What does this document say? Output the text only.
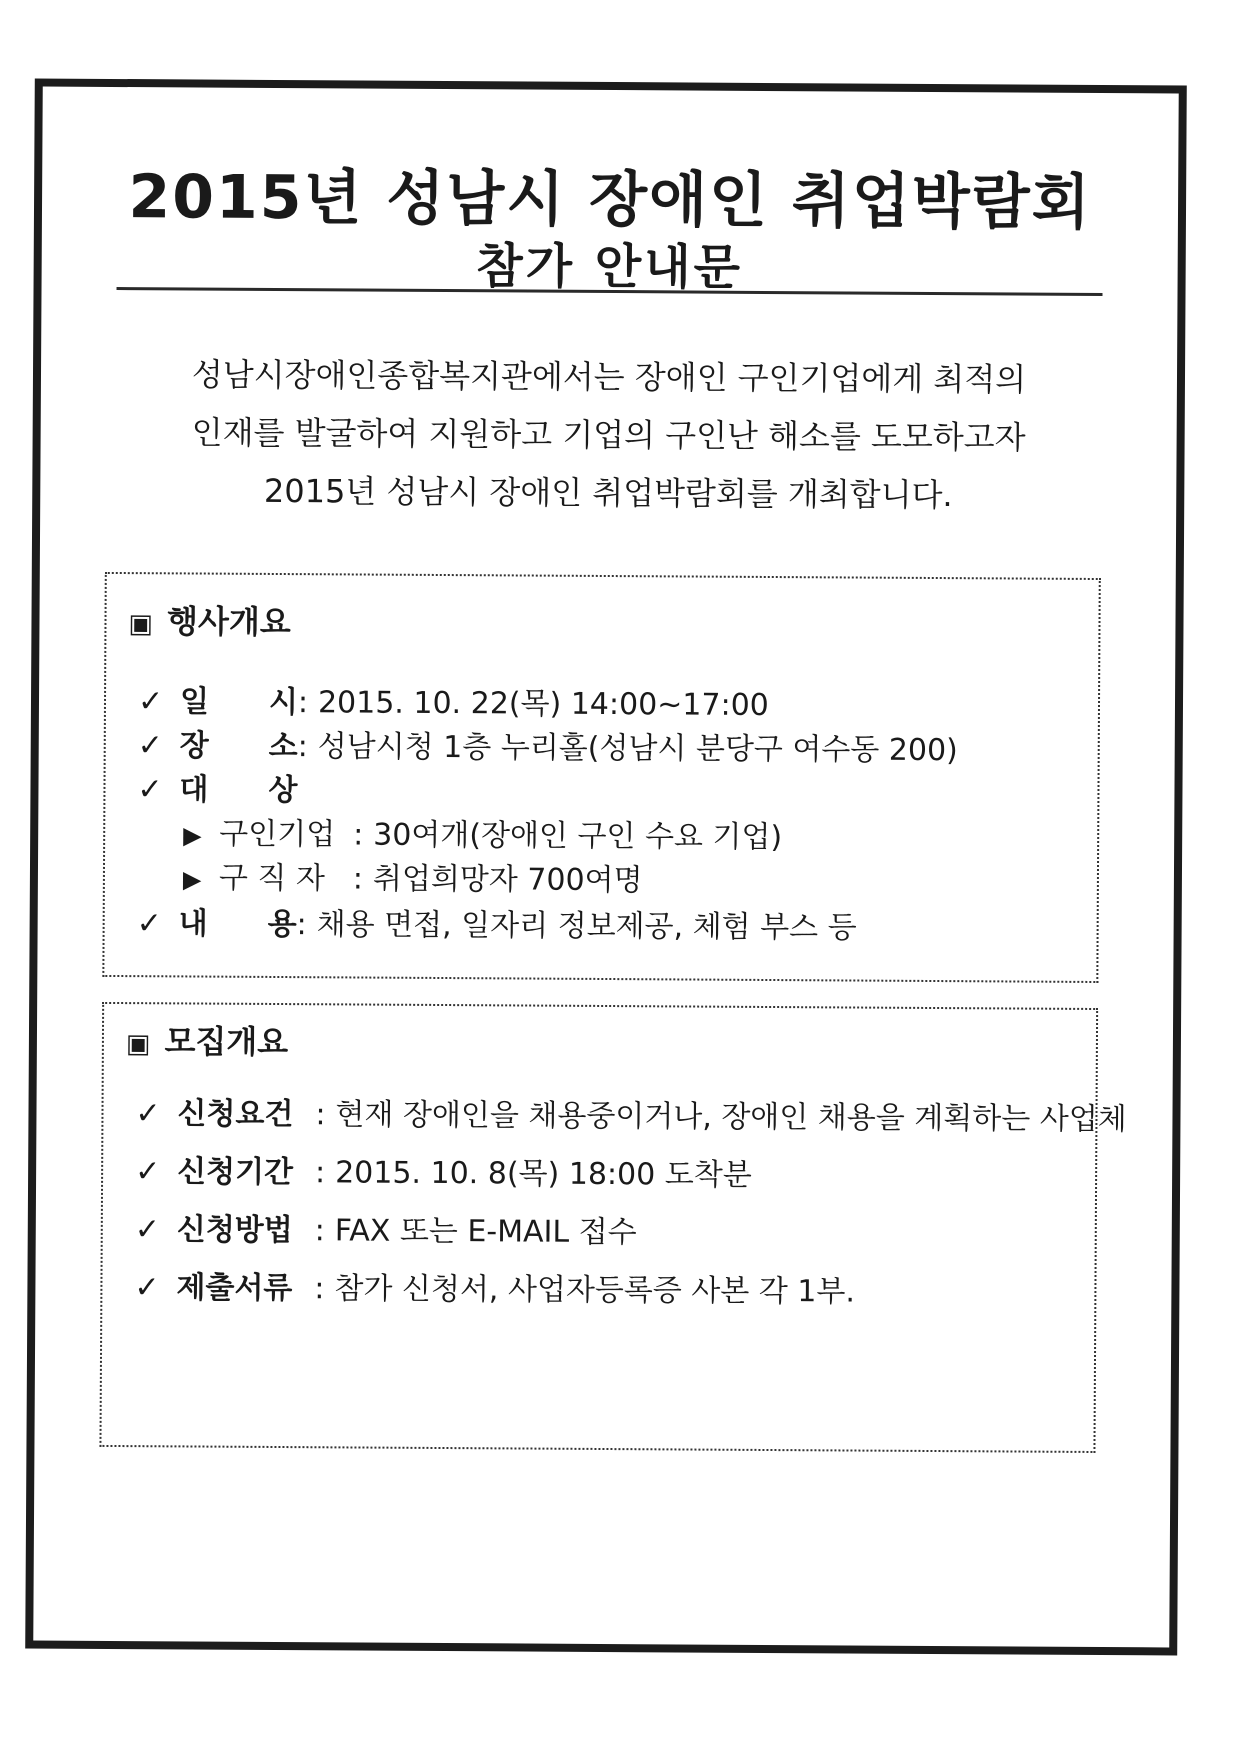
2015년 성남시 장애인 취업박람회
참가 안내문
성남시장애인종합복지관에서는 장애인 구인기업에게 최적의
인재를 발굴하여 지원하고 기업의 구인난 해소를 도모하고자
2015년 성남시 장애인 취업박람회를 개최합니다.
▣ 행사개요
✓ 일　　시: 2015. 10. 22(목) 14:00~17:00
✓ 장　　소: 성남시청 1층 누리홀(성남시 분당구 여수동 200)
✓ 대　　상
▶ 구인기업 : 30여개(장애인 구인 수요 기업)
▶ 구 직 자 : 취업희망자 700여명
✓ 내　　용: 채용 면접, 일자리 정보제공, 체험 부스 등
▣ 모집개요
✓ 신청요건 : 현재 장애인을 채용중이거나, 장애인 채용을 계획하는 사업체
✓ 신청기간 : 2015. 10. 8(목) 18:00 도착분
✓ 신청방법 : FAX 또는 E-MAIL 접수
✓ 제출서류 : 참가 신청서, 사업자등록증 사본 각 1부.
